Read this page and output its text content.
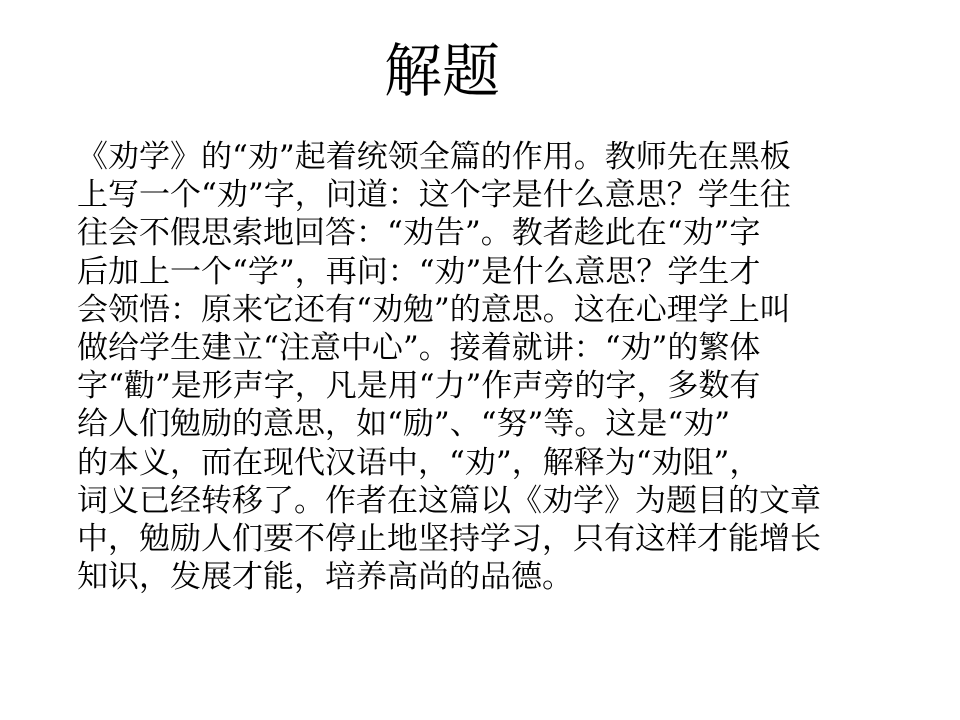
解题
《劝学》的“劝”起着统领全篇的作用。教师先在黑板
上写一个“劝”字，问道：这个字是什么意思？学生往
往会不假思索地回答：“劝告”。教者趁此在“劝”字
后加上一个“学”，再问：“劝”是什么意思？学生才
会领悟：原来它还有“劝勉”的意思。这在心理学上叫
做给学生建立“注意中心”。接着就讲：“劝”的繁体
字“勸”是形声字，凡是用“力”作声旁的字，多数有
给人们勉励的意思，如“励”、“努”等。这是“劝”
的本义，而在现代汉语中，“劝”，解释为“劝阻”，
词义已经转移了。作者在这篇以《劝学》为题目的文章
中，勉励人们要不停止地坚持学习，只有这样才能增长
知识，发展才能，培养高尚的品德。
